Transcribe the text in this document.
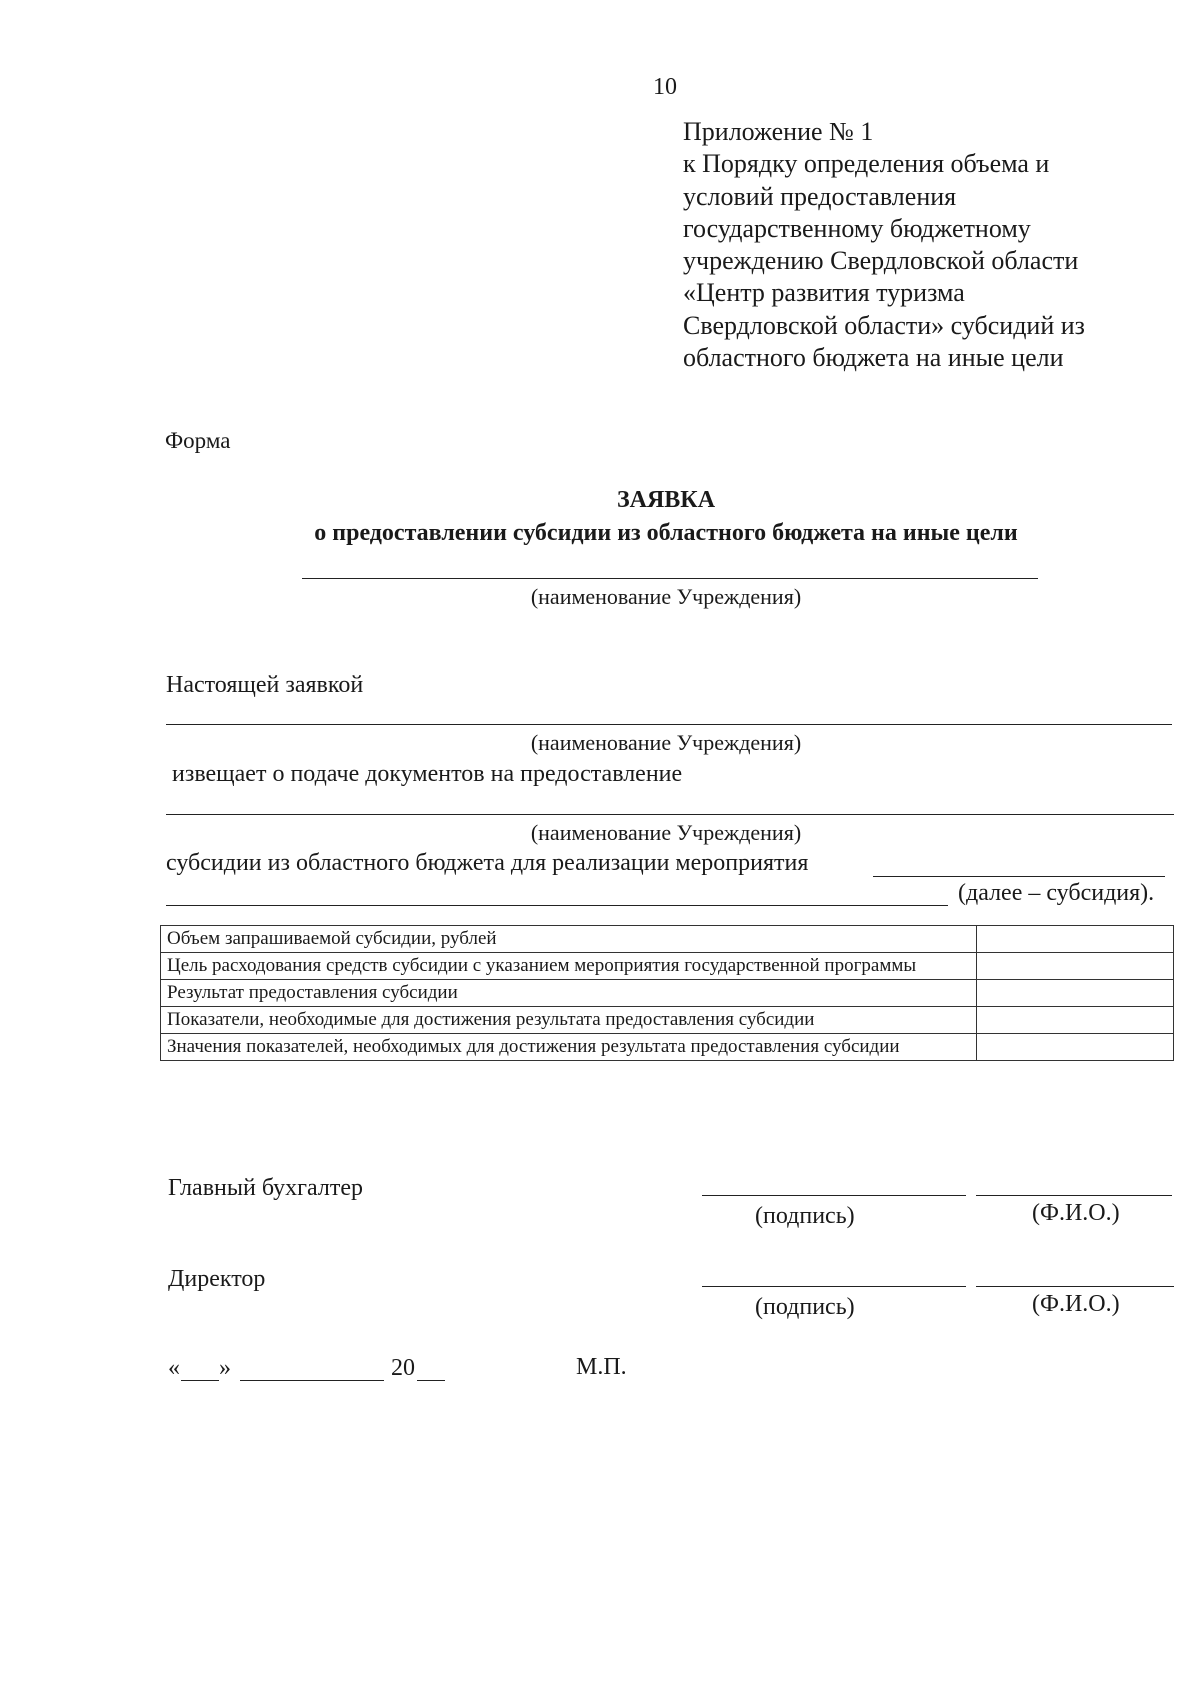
10
Приложение № 1
к Порядку определения объема и
условий предоставления
государственному бюджетному
учреждению Свердловской области
«Центр развития туризма
Свердловской области» субсидий из
областного бюджета на иные цели
Форма
ЗАЯВКА
о предоставлении субсидии из областного бюджета на иные цели
(наименование Учреждения)
Настоящей заявкой
(наименование Учреждения)
извещает о подаче документов на предоставление
(наименование Учреждения)
субсидии из областного бюджета для реализации мероприятия
(далее – субсидия).
Объем запрашиваемой субсидии, рублей	
Цель расходования средств субсидии с указанием мероприятия государственной программы	
Результат предоставления субсидии	
Показатели, необходимые для достижения результата предоставления субсидии	
Значения показателей, необходимых для достижения результата предоставления субсидии	
Главный бухгалтер
(подпись)	(Ф.И.О.)
Директор
(подпись)	(Ф.И.О.)
« »	20	М.П.
